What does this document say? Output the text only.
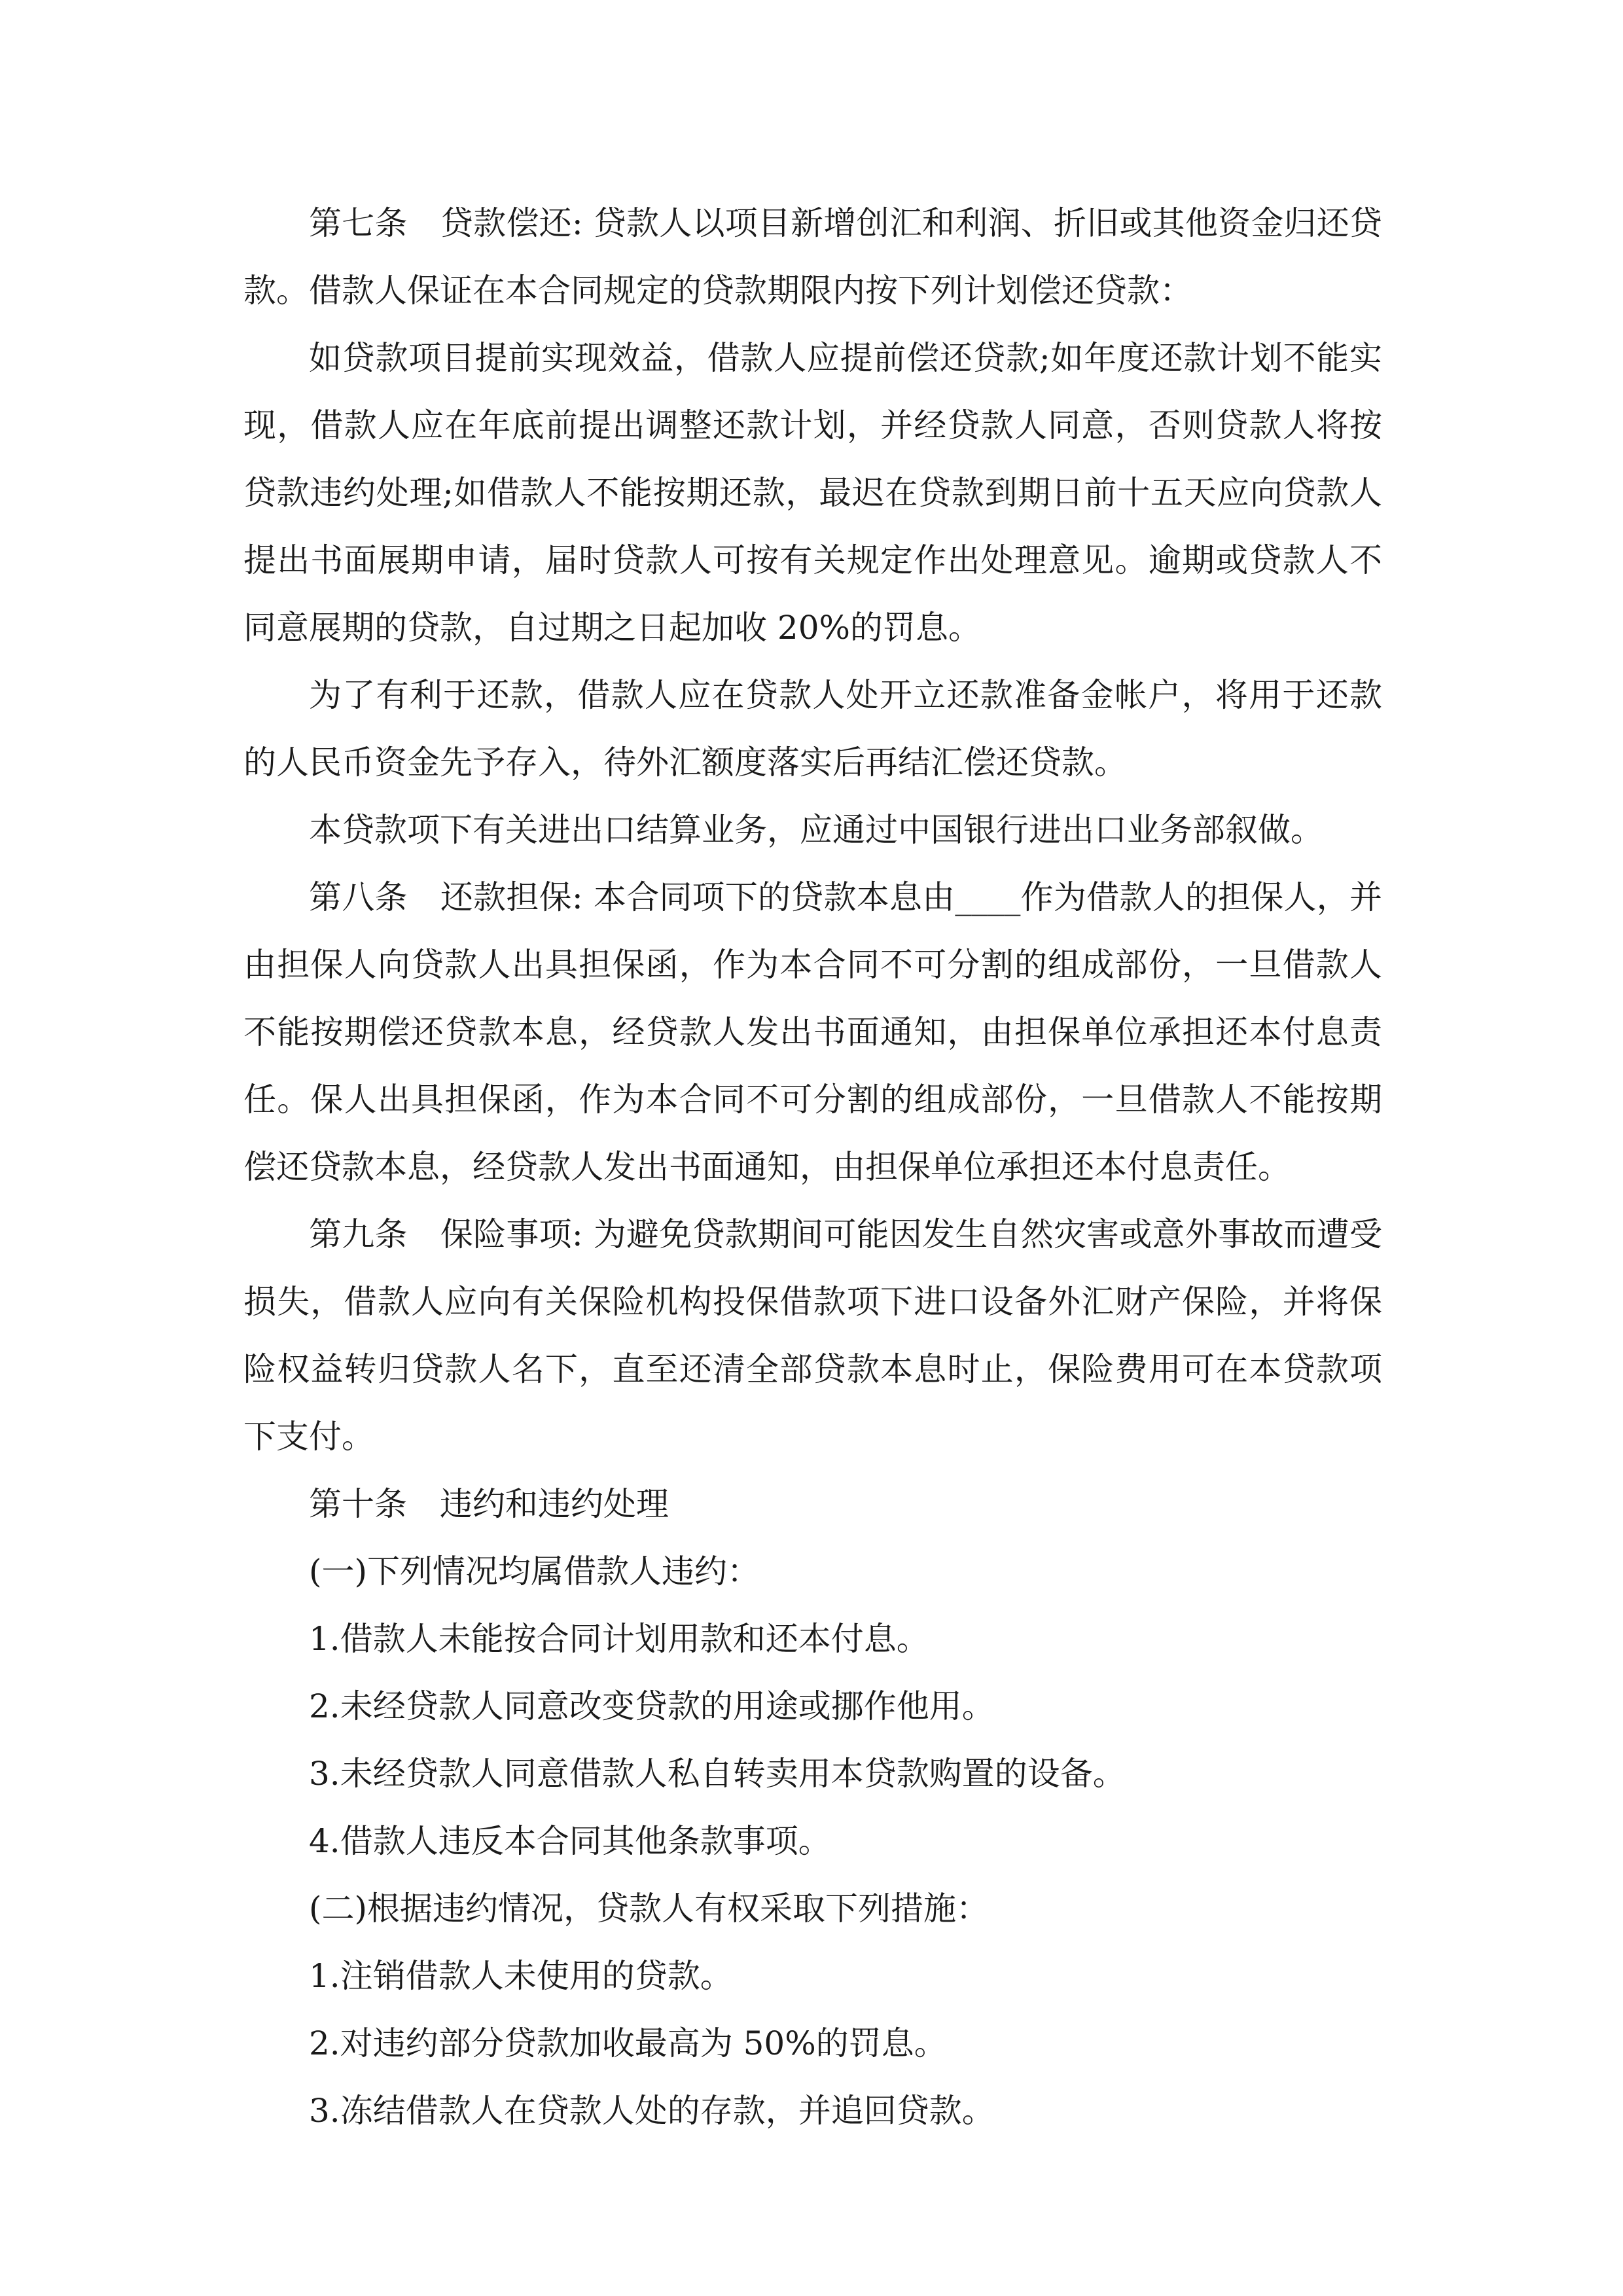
第七条 贷款偿还: 贷款人以项目新增创汇和利润、折旧或其他资金归还贷款。借款人保证在本合同规定的贷款期限内按下列计划偿还贷款：

如贷款项目提前实现效益，借款人应提前偿还贷款;如年度还款计划不能实现，借款人应在年底前提出调整还款计划，并经贷款人同意，否则贷款人将按贷款违约处理;如借款人不能按期还款，最迟在贷款到期日前十五天应向贷款人提出书面展期申请，届时贷款人可按有关规定作出处理意见。逾期或贷款人不同意展期的贷款，自过期之日起加收 20%的罚息。

为了有利于还款，借款人应在贷款人处开立还款准备金帐户，将用于还款的人民币资金先予存入，待外汇额度落实后再结汇偿还贷款。

本贷款项下有关进出口结算业务，应通过中国银行进出口业务部叙做。

第八条 还款担保: 本合同项下的贷款本息由____作为借款人的担保人，并由担保人向贷款人出具担保函，作为本合同不可分割的组成部份，一旦借款人不能按期偿还贷款本息，经贷款人发出书面通知，由担保单位承担还本付息责任。保人出具担保函，作为本合同不可分割的组成部份，一旦借款人不能按期偿还贷款本息，经贷款人发出书面通知，由担保单位承担还本付息责任。

第九条 保险事项: 为避免贷款期间可能因发生自然灾害或意外事故而遭受损失，借款人应向有关保险机构投保借款项下进口设备外汇财产保险，并将保险权益转归贷款人名下，直至还清全部贷款本息时止，保险费用可在本贷款项下支付。

第十条 违约和违约处理

(一)下列情况均属借款人违约：

1.借款人未能按合同计划用款和还本付息。

2.未经贷款人同意改变贷款的用途或挪作他用。

3.未经贷款人同意借款人私自转卖用本贷款购置的设备。

4.借款人违反本合同其他条款事项。

(二)根据违约情况，贷款人有权采取下列措施：

1.注销借款人未使用的贷款。

2.对违约部分贷款加收最高为 50%的罚息。

3.冻结借款人在贷款人处的存款，并追回贷款。
